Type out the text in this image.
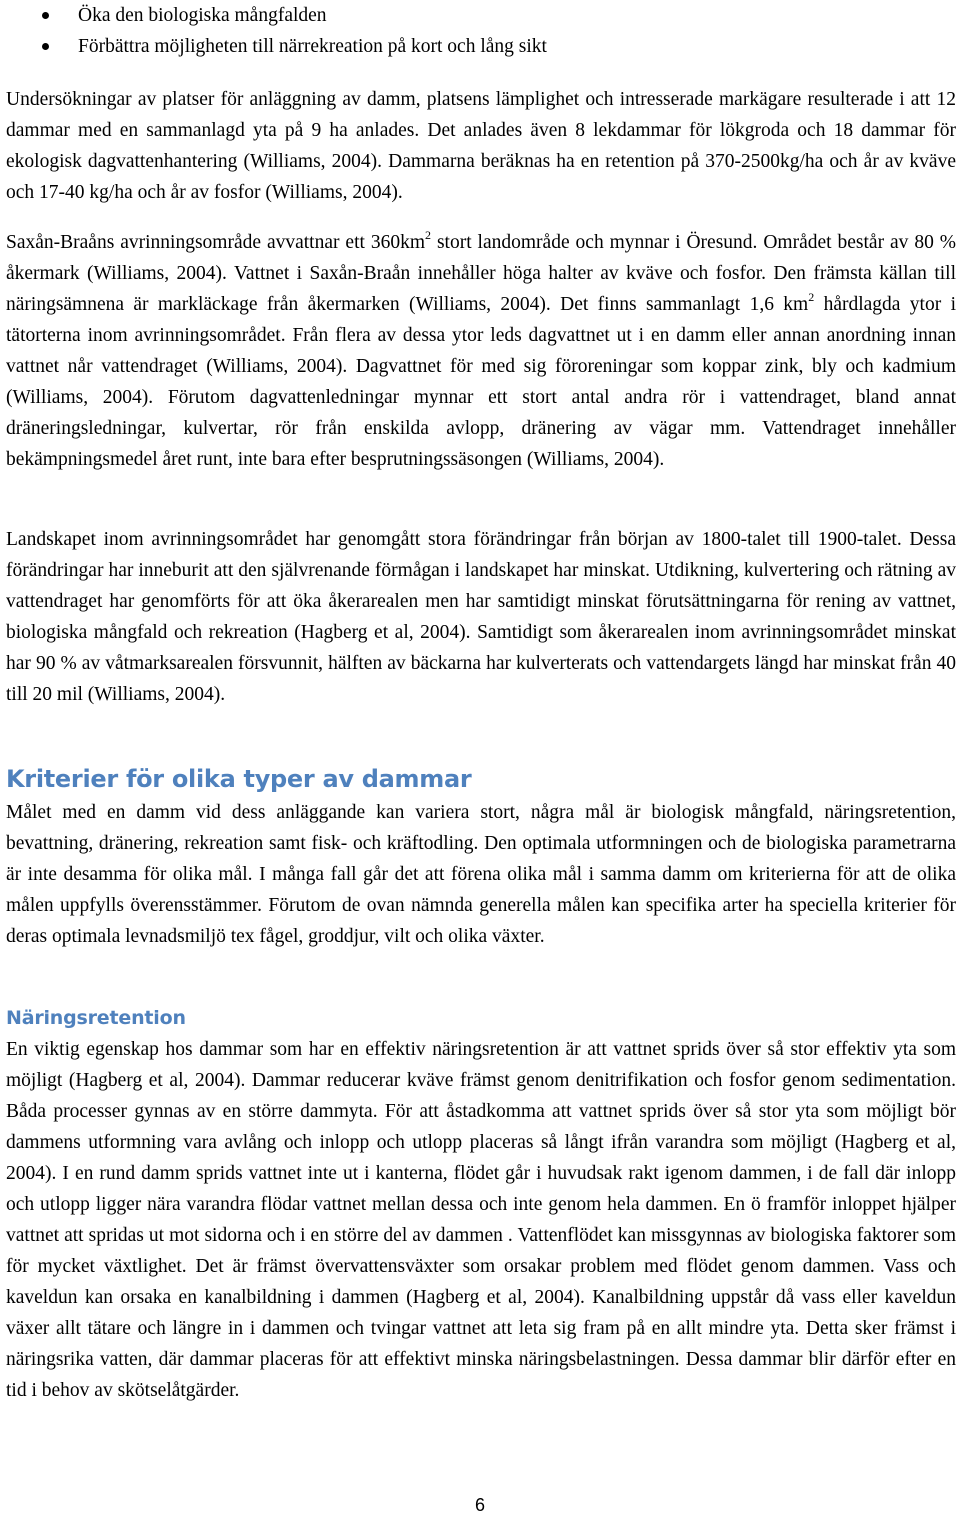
Öka den biologiska mångfalden
Förbättra möjligheten till närrekreation på kort och lång sikt

Undersökningar av platser för anläggning av damm, platsens lämplighet och intresserade markägare resulterade i att 12 dammar med en sammanlagd yta på 9 ha anlades. Det anlades även 8 lekdammar för lökgroda och 18 dammar för ekologisk dagvattenhantering (Williams, 2004). Dammarna beräknas ha en retention på 370-2500kg/ha och år av kväve och 17-40 kg/ha och år av fosfor (Williams, 2004).

Saxån-Braåns avrinningsområde avvattnar ett $360km^2$ stort landområde och mynnar i Öresund. Området består av 80 % åkermark (Williams, 2004). Vattnet i Saxån-Braån innehåller höga halter av kväve och fosfor. Den främsta källan till näringsämnena är markläckage från åkermarken (Williams, 2004). Det finns sammanlagt 1,6 $km^2$ hårdlagda ytor i tätorterna inom avrinningsområdet. Från flera av dessa ytor leds dagvattnet ut i en damm eller annan anordning innan vattnet når vattendraget (Williams, 2004). Dagvattnet för med sig föroreningar som koppar zink, bly och kadmium (Williams, 2004). Förutom dagvattenledningar mynnar ett stort antal andra rör i vattendraget, bland annat dräneringsledningar, kulvertar, rör från enskilda avlopp, dränering av vägar mm. Vattendraget innehåller bekämpningsmedel året runt, inte bara efter besprutningssäsongen (Williams, 2004).

Landskapet inom avrinningsområdet har genomgått stora förändringar från början av 1800-talet till 1900-talet. Dessa förändringar har inneburit att den självrenande förmågan i landskapet har minskat. Utdikning, kulvertering och rätning av vattendraget har genomförts för att öka åkerarealen men har samtidigt minskat förutsättningarna för rening av vattnet, biologiska mångfald och rekreation (Hagberg et al, 2004). Samtidigt som åkerarealen inom avrinningsområdet minskat har 90 % av våtmarksarealen försvunnit, hälften av bäckarna har kulverterats och vattendargets längd har minskat från 40 till 20 mil (Williams, 2004).

Kriterier för olika typer av dammar

Målet med en damm vid dess anläggande kan variera stort, några mål är biologisk mångfald, näringsretention, bevattning, dränering, rekreation samt fisk- och kräftodling. Den optimala utformningen och de biologiska parametrarna är inte desamma för olika mål. I många fall går det att förena olika mål i samma damm om kriterierna för att de olika målen uppfylls överensstämmer. Förutom de ovan nämnda generella målen kan specifika arter ha speciella kriterier för deras optimala levnadsmiljö tex fågel, groddjur, vilt och olika växter.

Näringsretention

En viktig egenskap hos dammar som har en effektiv näringsretention är att vattnet sprids över så stor effektiv yta som möjligt (Hagberg et al, 2004). Dammar reducerar kväve främst genom denitrifikation och fosfor genom sedimentation. Båda processer gynnas av en större dammyta. För att åstadkomma att vattnet sprids över så stor yta som möjligt bör dammens utformning vara avlång och inlopp och utlopp placeras så långt ifrån varandra som möjligt (Hagberg et al, 2004). I en rund damm sprids vattnet inte ut i kanterna, flödet går i huvudsak rakt igenom dammen, i de fall där inlopp och utlopp ligger nära varandra flödar vattnet mellan dessa och inte genom hela dammen. En ö framför inloppet hjälper vattnet att spridas ut mot sidorna och i en större del av dammen . Vattenflödet kan missgynnas av biologiska faktorer som för mycket växtlighet. Det är främst övervattensväxter som orsakar problem med flödet genom dammen. Vass och kaveldun kan orsaka en kanalbildning i dammen (Hagberg et al, 2004). Kanalbildning uppstår då vass eller kaveldun växer allt tätare och längre in i dammen och tvingar vattnet att leta sig fram på en allt mindre yta. Detta sker främst i näringsrika vatten, där dammar placeras för att effektivt minska näringsbelastningen. Dessa dammar blir därför efter en tid i behov av skötselåtgärder.

6
